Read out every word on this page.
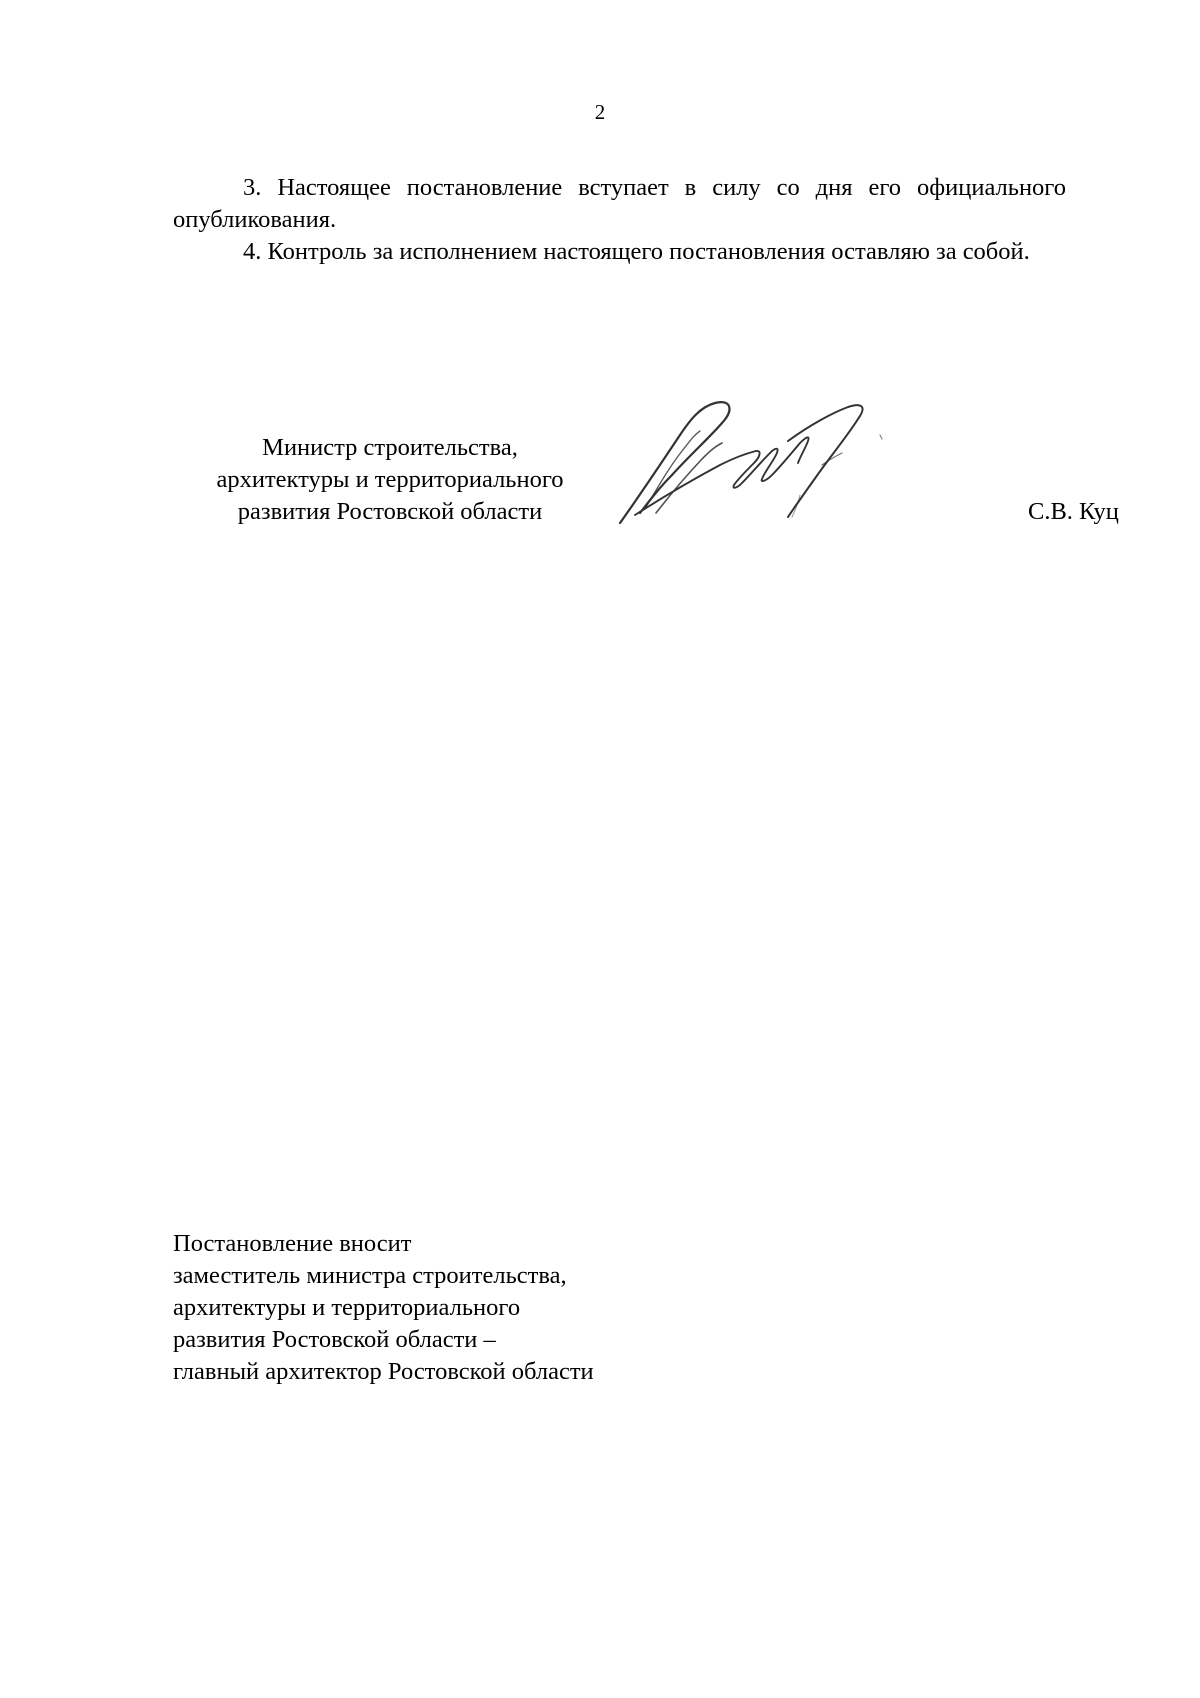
2

3. Настоящее постановление вступает в силу со дня его официального опубликования.

4. Контроль за исполнением настоящего постановления оставляю за собой.

Министр строительства,
архитектуры и территориального
развития Ростовской области	С.В. Куц
Постановление вносит
заместитель министра строительства,
архитектуры и территориального
развития Ростовской области –
главный архитектор Ростовской области
